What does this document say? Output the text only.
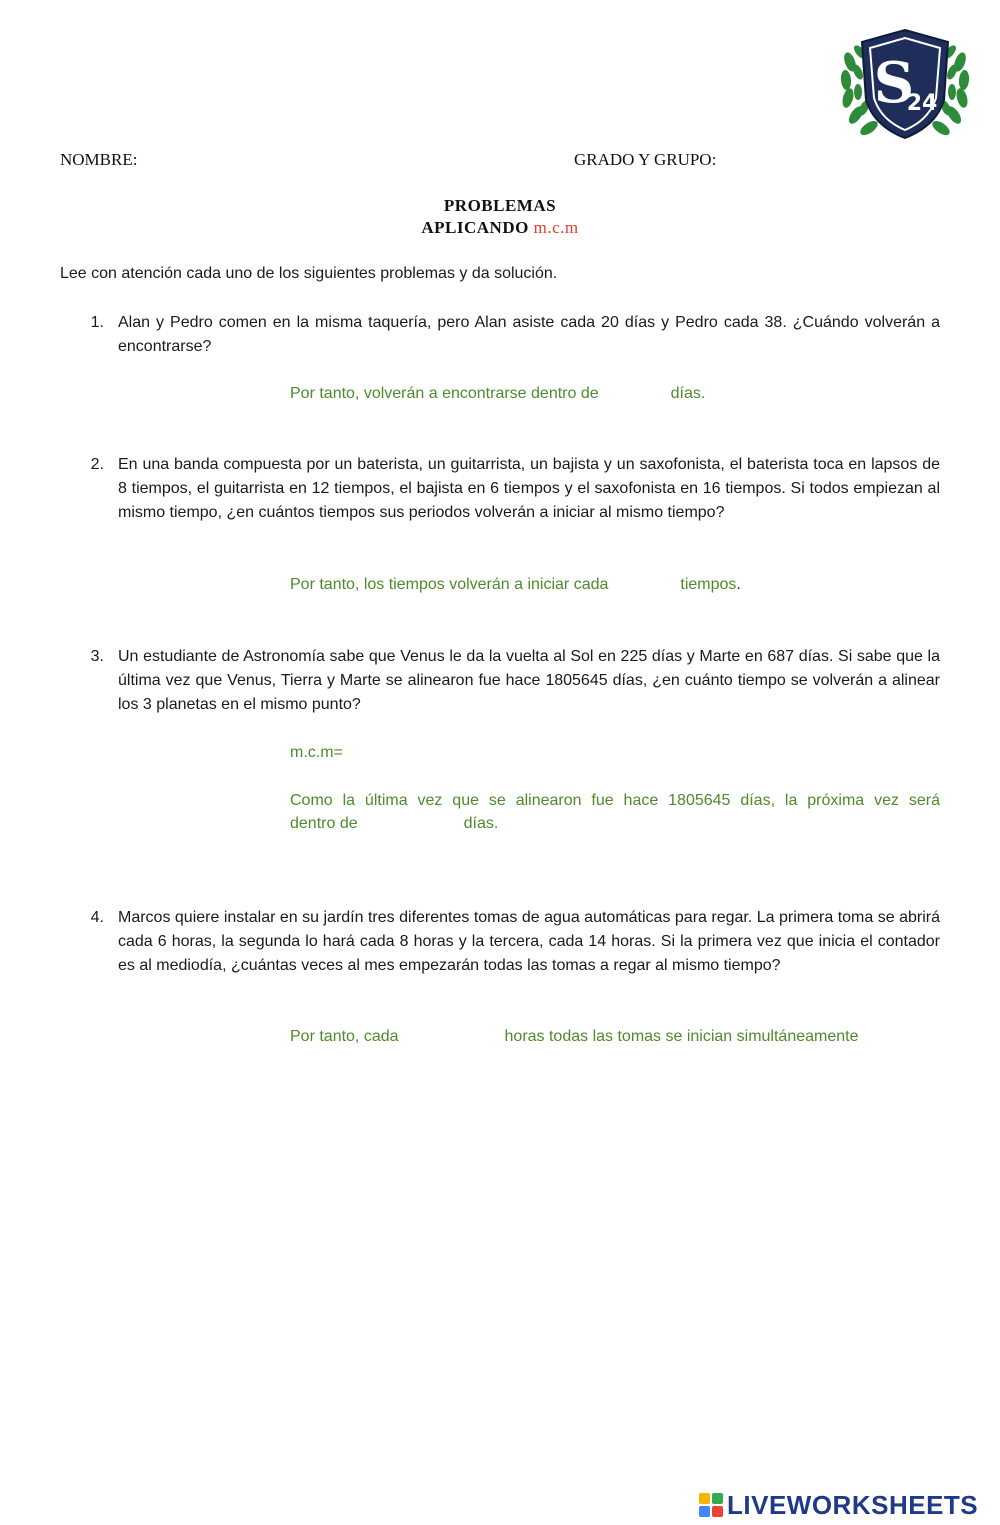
S
24
NOMBRE:	GRADO Y GRUPO:
PROBLEMAS
APLICANDO m.c.m
Lee con atención cada uno de los siguientes problemas y da solución.
1. Alan y Pedro comen en la misma taquería, pero Alan asiste cada 20 días y Pedro cada 38. ¿Cuándo volverán a encontrarse?
Por tanto, volverán a encontrarse dentro de	días.
2. En una banda compuesta por un baterista, un guitarrista, un bajista y un saxofonista, el baterista toca en lapsos de 8 tiempos, el guitarrista en 12 tiempos, el bajista en 6 tiempos y el saxofonista en 16 tiempos. Si todos empiezan al mismo tiempo, ¿en cuántos tiempos sus periodos volverán a iniciar al mismo tiempo?
Por tanto, los tiempos volverán a iniciar cada	tiempos.
3. Un estudiante de Astronomía sabe que Venus le da la vuelta al Sol en 225 días y Marte en 687 días. Si sabe que la última vez que Venus, Tierra y Marte se alinearon fue hace 1805645 días, ¿en cuánto tiempo se volverán a alinear los 3 planetas en el mismo punto?
m.c.m=
Como la última vez que se alinearon fue hace 1805645 días, la próxima vez será
dentro de	días.
4. Marcos quiere instalar en su jardín tres diferentes tomas de agua automáticas para regar. La primera toma se abrirá cada 6 horas, la segunda lo hará cada 8 horas y la tercera, cada 14 horas. Si la primera vez que inicia el contador es al mediodía, ¿cuántas veces al mes empezarán todas las tomas a regar al mismo tiempo?
Por tanto, cada	horas todas las tomas se inician simultáneamente
LIVEWORKSHEETS
